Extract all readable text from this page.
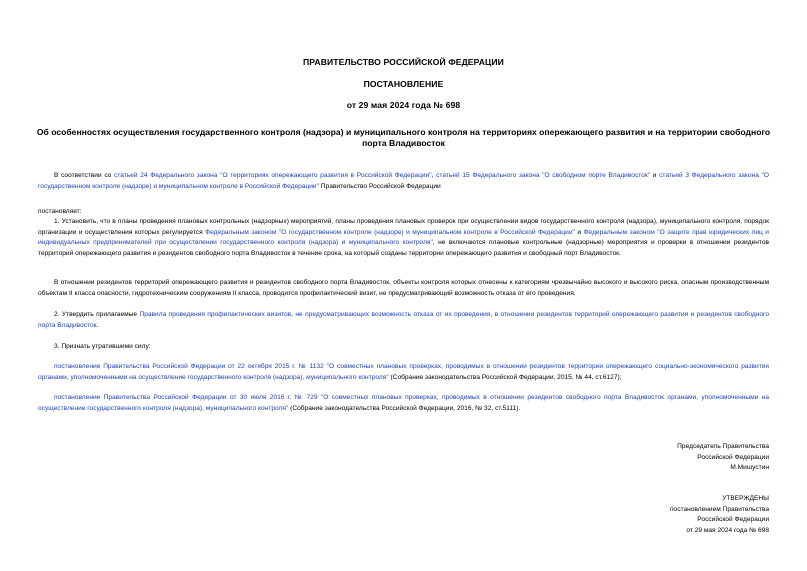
ПРАВИТЕЛЬСТВО РОССИЙСКОЙ ФЕДЕРАЦИИ
ПОСТАНОВЛЕНИЕ
от 29 мая 2024 года № 698
Об особенностях осуществления государственного контроля (надзора) и муниципального контроля на территориях опережающего развития и на территории свободного порта Владивосток
В соответствии со статьей 24 Федерального закона "О территориях опережающего развития в Российской Федерации", статьей 15 Федерального закона "О свободном порте Владивосток" и статьей 3 Федерального закона "О государственном контроле (надзоре) и муниципальном контроле в Российской Федерации" Правительство Российской Федерации
постановляет:
1. Установить, что в планы проведения плановых контрольных (надзорных) мероприятий, планы проведения плановых проверок при осуществлении видов государственного контроля (надзора), муниципального контроля, порядок организации и осуществления которых регулируется Федеральным законом "О государственном контроле (надзоре) и муниципальном контроле в Российской Федерации" и Федеральным законом "О защите прав юридических лиц и индивидуальных предпринимателей при осуществлении государственного контроля (надзора) и муниципального контроля", не включаются плановые контрольные (надзорные) мероприятия и проверки в отношении резидентов территорий опережающего развития и резидентов свободного порта Владивосток в течение срока, на который созданы территории опережающего развития и свободный порт Владивосток.
В отношении резидентов территорий опережающего развития и резидентов свободного порта Владивосток, объекты контроля которых отнесены к категориям чрезвычайно высокого и высокого риска, опасным производственным объектам II класса опасности, гидротехническим сооружениям II класса, проводится профилактический визит, не предусматривающий возможность отказа от его проведения.
2. Утвердить прилагаемые Правила проведения профилактических визитов, не предусматривающих возможность отказа от их проведения, в отношении резидентов территорий опережающего развития и резидентов свободного порта Владивосток.
3. Признать утратившими силу:
постановление Правительства Российской Федерации от 22 октября 2015 г. № 1132 "О совместных плановых проверках, проводимых в отношении резидентов территории опережающего социально-экономического развития органами, уполномоченными на осуществление государственного контроля (надзора), муниципального контроля" (Собрание законодательства Российской Федерации, 2015, № 44, ст.6127);
постановление Правительства Российской Федерации от 30 июля 2016 г. № 729 "О совместных плановых проверках, проводимых в отношении резидентов свободного порта Владивосток органами, уполномоченными на осуществление государственного контроля (надзора), муниципального контроля" (Собрание законодательства Российской Федерации, 2016, № 32, ст.5111).
Председатель Правительства
Российской Федерации
М.Мишустин
УТВЕРЖДЕНЫ
постановлением Правительства
Российской Федерации
от 29 мая 2024 года № 698
